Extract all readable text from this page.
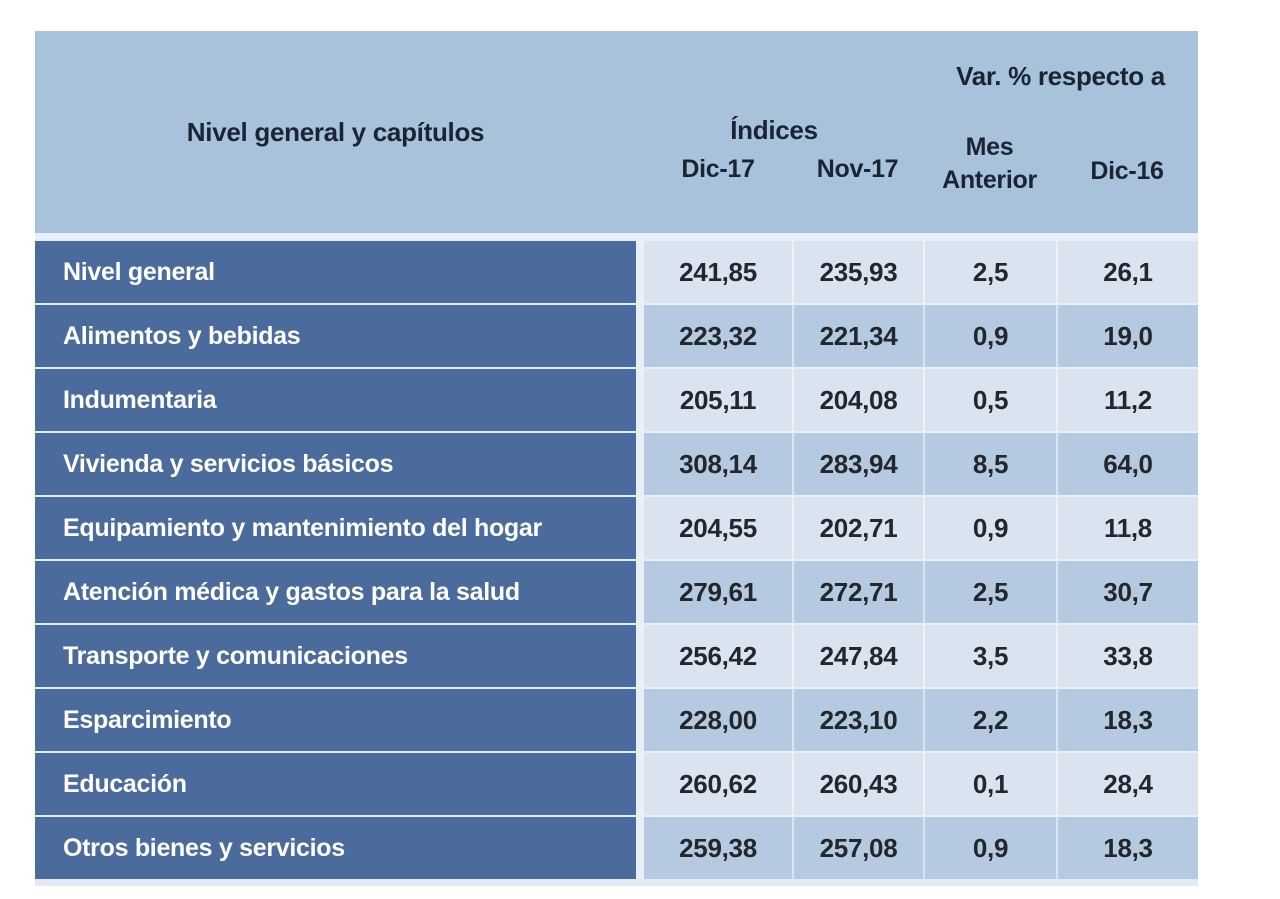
Nivel general y capítulos
Var. % respecto a
Índices
Dic-17	Nov-17
Mes Anterior	Dic-16
Nivel general	241,85	235,93	2,5	26,1
Alimentos y bebidas	223,32	221,34	0,9	19,0
Indumentaria	205,11	204,08	0,5	11,2
Vivienda y servicios básicos	308,14	283,94	8,5	64,0
Equipamiento y mantenimiento del hogar	204,55	202,71	0,9	11,8
Atención médica y gastos para la salud	279,61	272,71	2,5	30,7
Transporte y comunicaciones	256,42	247,84	3,5	33,8
Esparcimiento	228,00	223,10	2,2	18,3
Educación	260,62	260,43	0,1	28,4
Otros bienes y servicios	259,38	257,08	0,9	18,3
